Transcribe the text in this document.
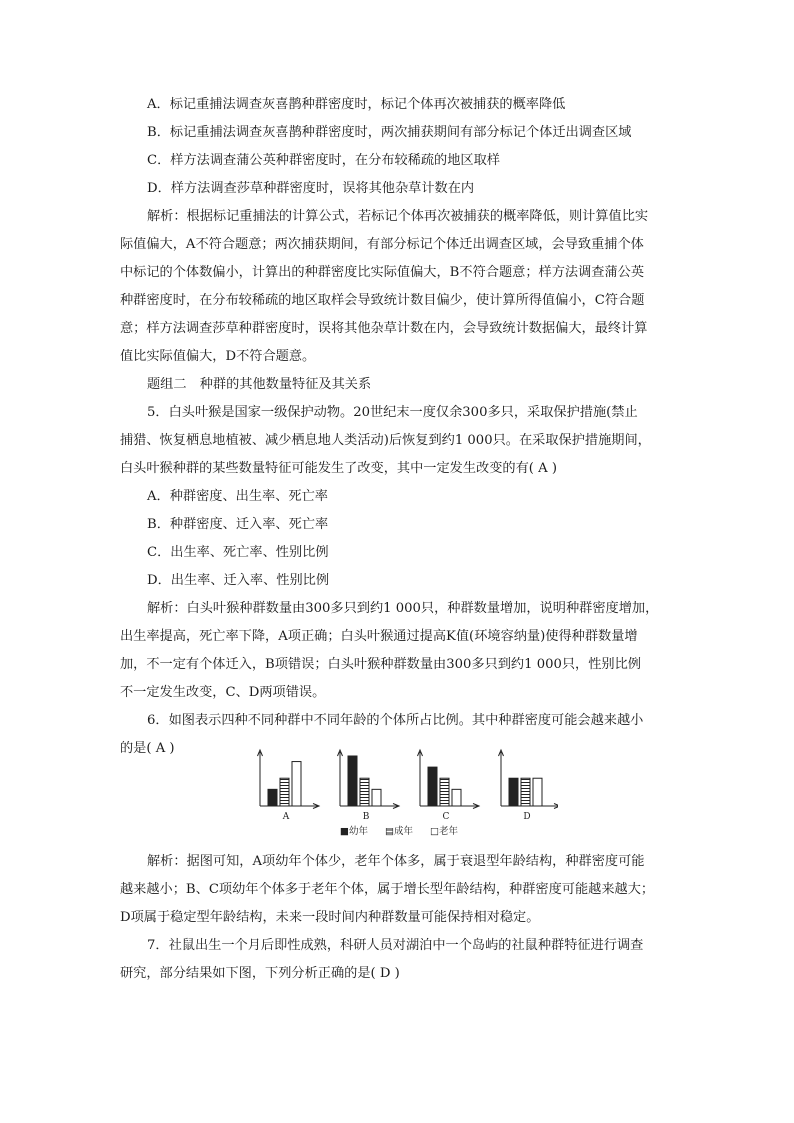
A．标记重捕法调查灰喜鹊种群密度时，标记个体再次被捕获的概率降低
B．标记重捕法调查灰喜鹊种群密度时，两次捕获期间有部分标记个体迁出调查区域
C．样方法调查蒲公英种群密度时，在分布较稀疏的地区取样
D．样方法调查莎草种群密度时，误将其他杂草计数在内
解析：根据标记重捕法的计算公式，若标记个体再次被捕获的概率降低，则计算值比实
际值偏大，A不符合题意；两次捕获期间，有部分标记个体迁出调查区域，会导致重捕个体
中标记的个体数偏小，计算出的种群密度比实际值偏大，B不符合题意；样方法调查蒲公英
种群密度时，在分布较稀疏的地区取样会导致统计数目偏少，使计算所得值偏小，C符合题
意；样方法调查莎草种群密度时，误将其他杂草计数在内，会导致统计数据偏大，最终计算
值比实际值偏大，D不符合题意。
题组二　种群的其他数量特征及其关系
5．白头叶猴是国家一级保护动物。20世纪末一度仅余300多只，采取保护措施(禁止
捕猎、恢复栖息地植被、减少栖息地人类活动)后恢复到约1 000只。在采取保护措施期间，
白头叶猴种群的某些数量特征可能发生了改变，其中一定发生改变的有( A )
A．种群密度、出生率、死亡率
B．种群密度、迁入率、死亡率
C．出生率、死亡率、性别比例
D．出生率、迁入率、性别比例
解析：白头叶猴种群数量由300多只到约1 000只，种群数量增加，说明种群密度增加，
出生率提高，死亡率下降，A项正确；白头叶猴通过提高K值(环境容纳量)使得种群数量增
加，不一定有个体迁入，B项错误；白头叶猴种群数量由300多只到约1 000只，性别比例
不一定发生改变，C、D两项错误。
6．如图表示四种不同种群中不同年龄的个体所占比例。其中种群密度可能会越来越小
的是( A )
解析：据图可知，A项幼年个体少，老年个体多，属于衰退型年龄结构，种群密度可能
越来越小；B、C项幼年个体多于老年个体，属于增长型年龄结构，种群密度可能越来越大；
D项属于稳定型年龄结构，未来一段时间内种群数量可能保持相对稳定。
7．社鼠出生一个月后即性成熟，科研人员对湖泊中一个岛屿的社鼠种群特征进行调查
研究，部分结果如下图，下列分析正确的是( D )
A	B	C	D
■幼年 ▤成年 □老年
